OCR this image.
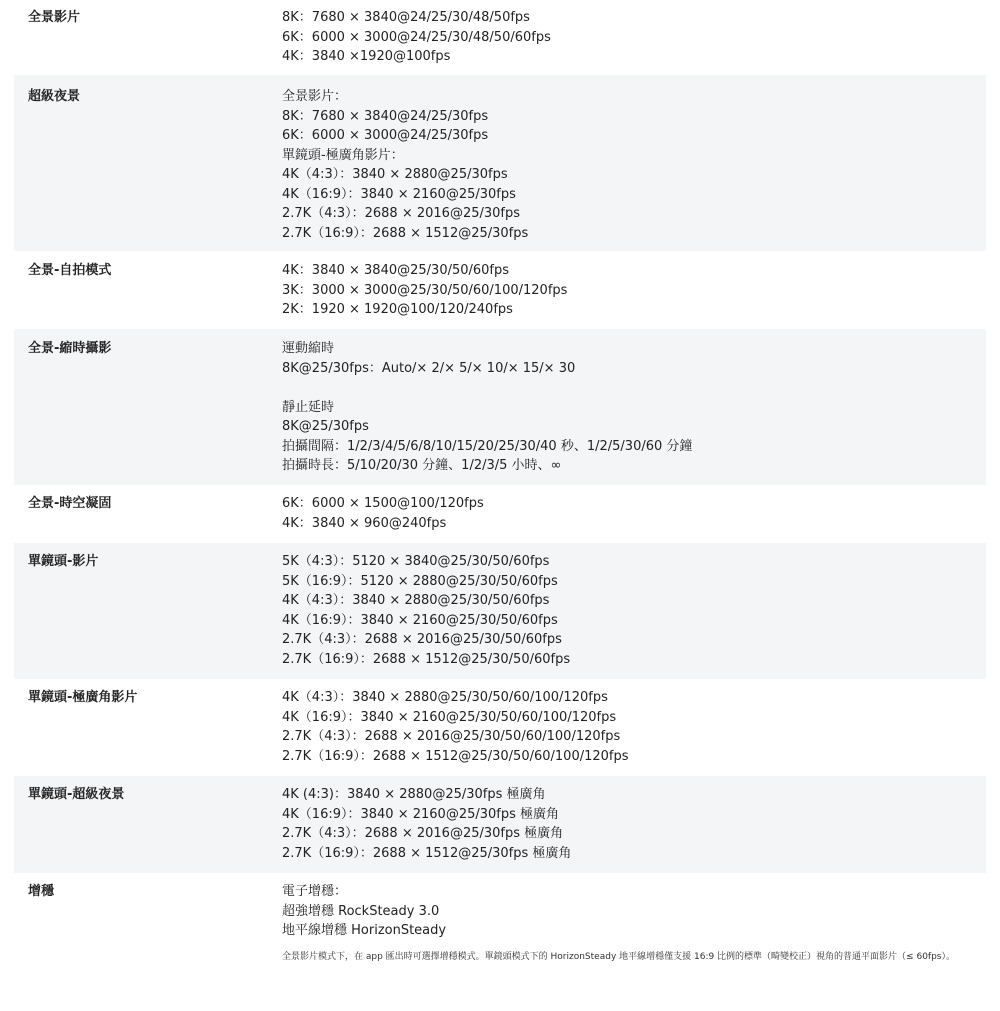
全景影片	8K：7680 × 3840@24/25/30/48/50fps
6K：6000 × 3000@24/25/30/48/50/60fps
4K：3840 ×1920@100fps
超級夜景	全景影片：
8K：7680 × 3840@24/25/30fps
6K：6000 × 3000@24/25/30fps
單鏡頭-極廣角影片：
4K（4:3）：3840 × 2880@25/30fps
4K（16:9）：3840 × 2160@25/30fps
2.7K（4:3）：2688 × 2016@25/30fps
2.7K（16:9）：2688 × 1512@25/30fps
全景-自拍模式	4K：3840 × 3840@25/30/50/60fps
3K：3000 × 3000@25/30/50/60/100/120fps
2K：1920 × 1920@100/120/240fps
全景-縮時攝影	運動縮時
8K@25/30fps：Auto/× 2/× 5/× 10/× 15/× 30
靜止延時
8K@25/30fps
拍攝間隔：1/2/3/4/5/6/8/10/15/20/25/30/40 秒、1/2/5/30/60 分鐘
拍攝時長：5/10/20/30 分鐘、1/2/3/5 小時、∞
全景-時空凝固	6K：6000 × 1500@100/120fps
4K：3840 × 960@240fps
單鏡頭-影片	5K（4:3）：5120 × 3840@25/30/50/60fps
5K（16:9）：5120 × 2880@25/30/50/60fps
4K（4:3）：3840 × 2880@25/30/50/60fps
4K（16:9）：3840 × 2160@25/30/50/60fps
2.7K（4:3）：2688 × 2016@25/30/50/60fps
2.7K（16:9）：2688 × 1512@25/30/50/60fps
單鏡頭-極廣角影片	4K（4:3）：3840 × 2880@25/30/50/60/100/120fps
4K（16:9）：3840 × 2160@25/30/50/60/100/120fps
2.7K（4:3）：2688 × 2016@25/30/50/60/100/120fps
2.7K（16:9）：2688 × 1512@25/30/50/60/100/120fps
單鏡頭-超級夜景	4K (4:3)：3840 × 2880@25/30fps 極廣角
4K（16:9）：3840 × 2160@25/30fps 極廣角
2.7K（4:3）：2688 × 2016@25/30fps 極廣角
2.7K（16:9）：2688 × 1512@25/30fps 極廣角
增穩	電子增穩：
超強增穩 RockSteady 3.0
地平線增穩 HorizonSteady
全景影片模式下，在 app 匯出時可選擇增穩模式。單鏡頭模式下的 HorizonSteady 地平線增穩僅支援 16:9 比例的標準（畸變校正）視角的普通平面影片（≤ 60fps）。
